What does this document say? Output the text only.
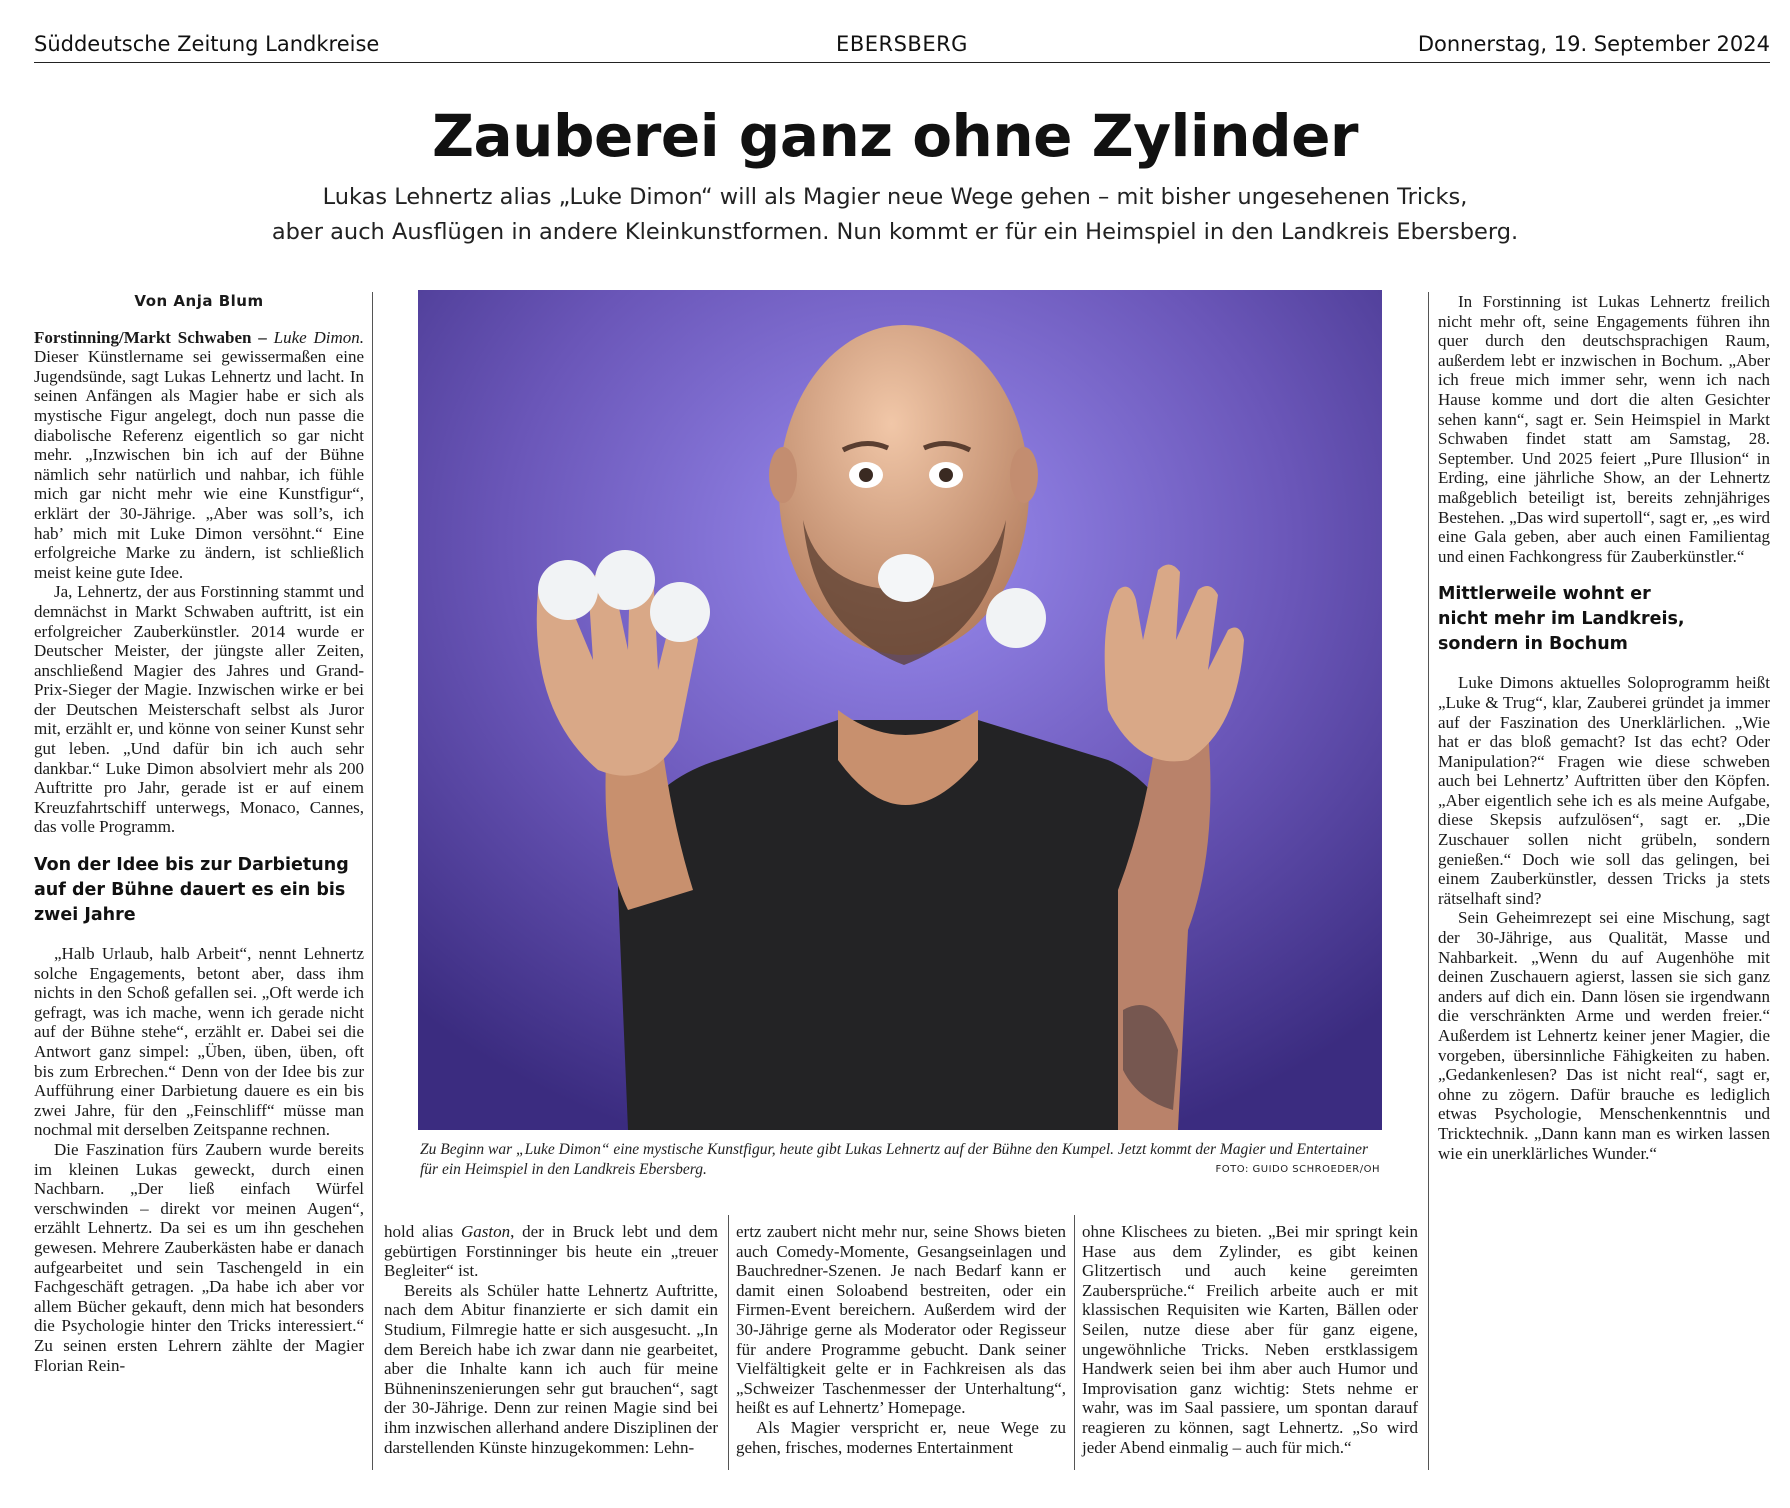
Süddeutsche Zeitung Landkreise	EBERSBERG	Donnerstag, 19. September 2024
Zauberei ganz ohne Zylinder
Lukas Lehnertz alias „Luke Dimon“ will als Magier neue Wege gehen – mit bisher ungesehenen Tricks,
aber auch Ausflügen in andere Kleinkunstformen. Nun kommt er für ein Heimspiel in den Landkreis Ebersberg.
Von Anja Blum

Forstinning/Markt Schwaben – Luke Dimon. Dieser Künstlername sei gewissermaßen eine Jugendsünde, sagt Lukas Lehnertz und lacht. In seinen Anfängen als Magier habe er sich als mystische Figur angelegt, doch nun passe die diabolische Referenz eigentlich so gar nicht mehr. „Inzwischen bin ich auf der Bühne nämlich sehr natürlich und nahbar, ich fühle mich gar nicht mehr wie eine Kunstfigur“, erklärt der 30-Jährige. „Aber was soll’s, ich hab’ mich mit Luke Dimon versöhnt.“ Eine erfolgreiche Marke zu ändern, ist schließlich meist keine gute Idee.

Ja, Lehnertz, der aus Forstinning stammt und demnächst in Markt Schwaben auftritt, ist ein erfolgreicher Zauberkünstler. 2014 wurde er Deutscher Meister, der jüngste aller Zeiten, anschließend Magier des Jahres und Grand-Prix-Sieger der Magie. Inzwischen wirke er bei der Deutschen Meisterschaft selbst als Juror mit, erzählt er, und könne von seiner Kunst sehr gut leben. „Und dafür bin ich auch sehr dankbar.“ Luke Dimon absolviert mehr als 200 Auftritte pro Jahr, gerade ist er auf einem Kreuzfahrtschiff unterwegs, Monaco, Cannes, das volle Programm.

Von der Idee bis zur Darbietung auf der Bühne dauert es ein bis zwei Jahre

„Halb Urlaub, halb Arbeit“, nennt Lehnertz solche Engagements, betont aber, dass ihm nichts in den Schoß gefallen sei. „Oft werde ich gefragt, was ich mache, wenn ich gerade nicht auf der Bühne stehe“, erzählt er. Dabei sei die Antwort ganz simpel: „Üben, üben, üben, oft bis zum Erbrechen.“ Denn von der Idee bis zur Aufführung einer Darbietung dauere es ein bis zwei Jahre, für den „Feinschliff“ müsse man nochmal mit derselben Zeitspanne rechnen.

Die Faszination fürs Zaubern wurde bereits im kleinen Lukas geweckt, durch einen Nachbarn. „Der ließ einfach Würfel verschwinden – direkt vor meinen Augen“, erzählt Lehnertz. Da sei es um ihn geschehen gewesen. Mehrere Zauberkästen habe er danach aufgearbeitet und sein Taschengeld in ein Fachgeschäft getragen. „Da habe ich aber vor allem Bücher gekauft, denn mich hat besonders die Psychologie hinter den Tricks interessiert.“ Zu seinen ersten Lehrern zählte der Magier Florian Rein-

Zu Beginn war „Luke Dimon“ eine mystische Kunstfigur, heute gibt Lukas Lehnertz auf der Bühne den Kumpel. Jetzt kommt der Magier und Entertainer für ein Heimspiel in den Landkreis Ebersberg.	FOTO: GUIDO SCHROEDER/OH

hold alias Gaston, der in Bruck lebt und dem gebürtigen Forstinninger bis heute ein „treuer Begleiter“ ist.

Bereits als Schüler hatte Lehnertz Auftritte, nach dem Abitur finanzierte er sich damit ein Studium, Filmregie hatte er sich ausgesucht. „In dem Bereich habe ich zwar dann nie gearbeitet, aber die Inhalte kann ich auch für meine Bühneninszenierungen sehr gut brauchen“, sagt der 30-Jährige. Denn zur reinen Magie sind bei ihm inzwischen allerhand andere Disziplinen der darstellenden Künste hinzugekommen: Lehn-

ertz zaubert nicht mehr nur, seine Shows bieten auch Comedy-Momente, Gesangseinlagen und Bauchredner-Szenen. Je nach Bedarf kann er damit einen Soloabend bestreiten, oder ein Firmen-Event bereichern. Außerdem wird der 30-Jährige gerne als Moderator oder Regisseur für andere Programme gebucht. Dank seiner Vielfältigkeit gelte er in Fachkreisen als das „Schweizer Taschenmesser der Unterhaltung“, heißt es auf Lehnertz’ Homepage.

Als Magier verspricht er, neue Wege zu gehen, frisches, modernes Entertainment

ohne Klischees zu bieten. „Bei mir springt kein Hase aus dem Zylinder, es gibt keinen Glitzertisch und auch keine gereimten Zaubersprüche.“ Freilich arbeite auch er mit klassischen Requisiten wie Karten, Bällen oder Seilen, nutze diese aber für ganz eigene, ungewöhnliche Tricks. Neben erstklassigem Handwerk seien bei ihm aber auch Humor und Improvisation ganz wichtig: Stets nehme er wahr, was im Saal passiere, um spontan darauf reagieren zu können, sagt Lehnertz. „So wird jeder Abend einmalig – auch für mich.“

In Forstinning ist Lukas Lehnertz freilich nicht mehr oft, seine Engagements führen ihn quer durch den deutschsprachigen Raum, außerdem lebt er inzwischen in Bochum. „Aber ich freue mich immer sehr, wenn ich nach Hause komme und dort die alten Gesichter sehen kann“, sagt er. Sein Heimspiel in Markt Schwaben findet statt am Samstag, 28. September. Und 2025 feiert „Pure Illusion“ in Erding, eine jährliche Show, an der Lehnertz maßgeblich beteiligt ist, bereits zehnjähriges Bestehen. „Das wird supertoll“, sagt er, „es wird eine Gala geben, aber auch einen Familientag und einen Fachkongress für Zauberkünstler.“

Mittlerweile wohnt er nicht mehr im Landkreis, sondern in Bochum

Luke Dimons aktuelles Soloprogramm heißt „Luke & Trug“, klar, Zauberei gründet ja immer auf der Faszination des Unerklärlichen. „Wie hat er das bloß gemacht? Ist das echt? Oder Manipulation?“ Fragen wie diese schweben auch bei Lehnertz’ Auftritten über den Köpfen. „Aber eigentlich sehe ich es als meine Aufgabe, diese Skepsis aufzulösen“, sagt er. „Die Zuschauer sollen nicht grübeln, sondern genießen.“ Doch wie soll das gelingen, bei einem Zauberkünstler, dessen Tricks ja stets rätselhaft sind?

Sein Geheimrezept sei eine Mischung, sagt der 30-Jährige, aus Qualität, Masse und Nahbarkeit. „Wenn du auf Augenhöhe mit deinen Zuschauern agierst, lassen sie sich ganz anders auf dich ein. Dann lösen sie irgendwann die verschränkten Arme und werden freier.“ Außerdem ist Lehnertz keiner jener Magier, die vorgeben, übersinnliche Fähigkeiten zu haben. „Gedankenlesen? Das ist nicht real“, sagt er, ohne zu zögern. Dafür brauche es lediglich etwas Psychologie, Menschenkenntnis und Tricktechnik. „Dann kann man es wirken lassen wie ein unerklärliches Wunder.“
